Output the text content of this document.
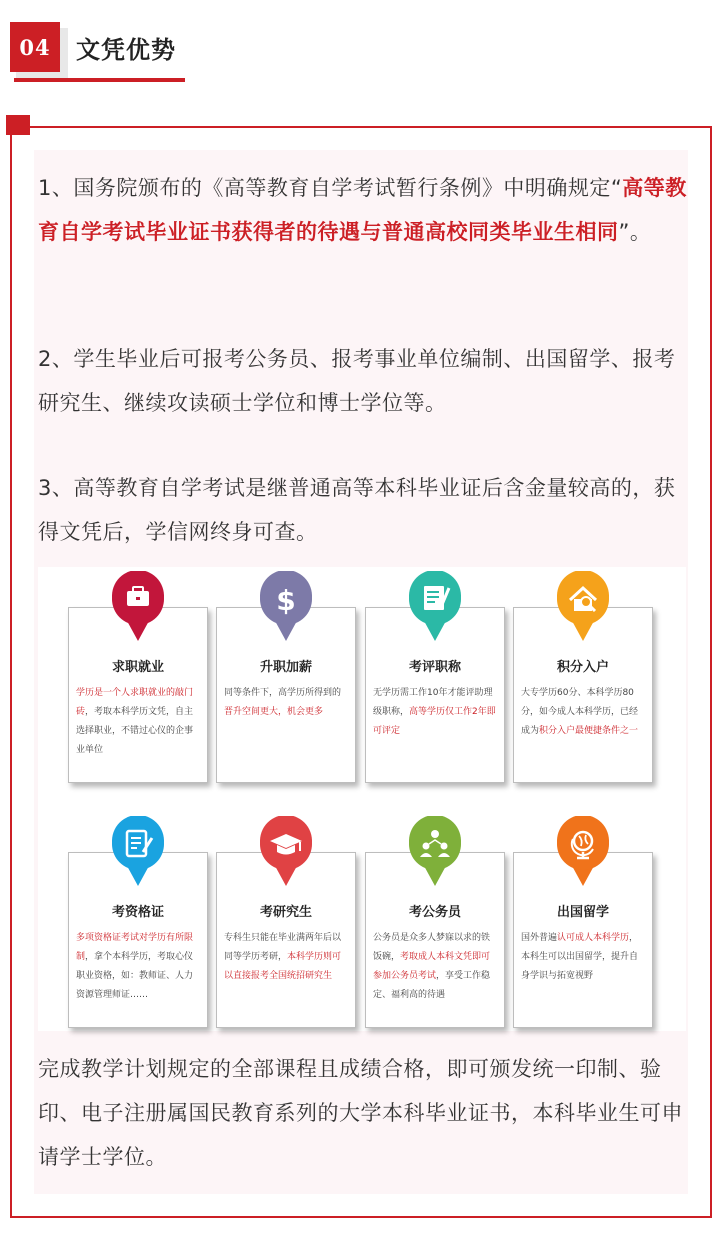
04	文凭优势
1、国务院颁布的《高等教育自学考试暂行条例》中明确规定“高等教育自学考试毕业证书获得者的待遇与普通高校同类毕业生相同”。
2、学生毕业后可报考公务员、报考事业单位编制、出国留学、报考研究生、继续攻读硕士学位和博士学位等。
3、高等教育自学考试是继普通高等本科毕业证后含金量较高的，获得文凭后，学信网终身可查。
求职就业
学历是一个人求职就业的敲门砖，考取本科学历文凭，自主选择职业，不错过心仪的企事业单位
升职加薪
同等条件下，高学历所得到的晋升空间更大，机会更多
$
考评职称
无学历需工作10年才能评助理级职称，高等学历仅工作2年即可评定
积分入户
大专学历60分、本科学历80分，如今成人本科学历，已经成为积分入户最便捷条件之一
考资格证
多项资格证考试对学历有所限制，拿个本科学历，考取心仪职业资格，如：教师证、人力资源管理师证……
考研究生
专科生只能在毕业满两年后以同等学历考研，本科学历则可以直接报考全国统招研究生
考公务员
公务员是众多人梦寐以求的铁饭碗，考取成人本科文凭即可参加公务员考试，享受工作稳定、福利高的待遇
出国留学
国外普遍认可成人本科学历，本科生可以出国留学，提升自身学识与拓宽视野
完成教学计划规定的全部课程且成绩合格，即可颁发统一印制、验印、电子注册属国民教育系列的大学本科毕业证书，本科毕业生可申请学士学位。
